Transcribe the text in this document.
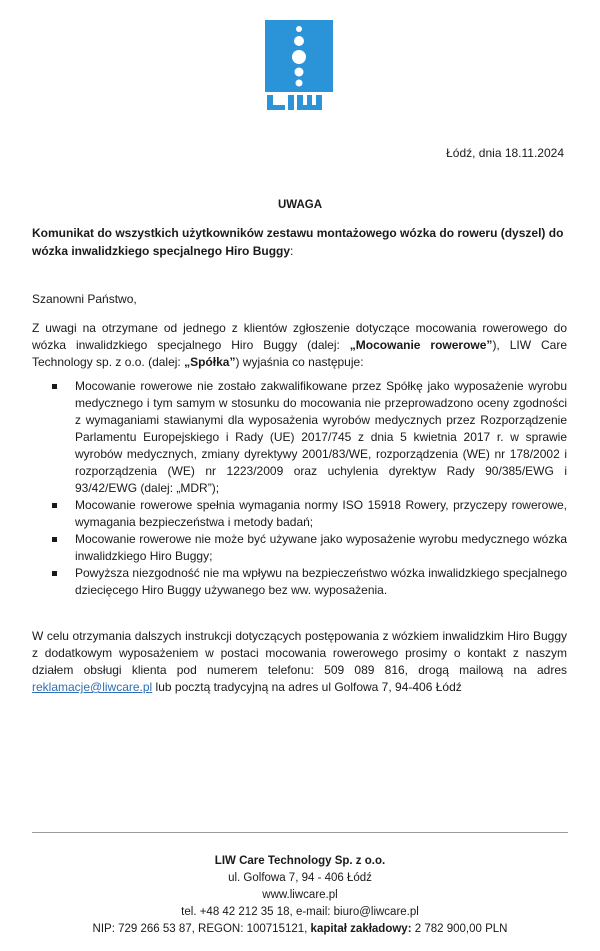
Łódź, dnia 18.11.2024
UWAGA
Komunikat do wszystkich użytkowników zestawu montażowego wózka do roweru (dyszel) do wózka inwalidzkiego specjalnego Hiro Buggy:
Szanowni Państwo,
Z uwagi na otrzymane od jednego z klientów zgłoszenie dotyczące mocowania rowerowego do wózka inwalidzkiego specjalnego Hiro Buggy (dalej: „Mocowanie rowerowe”), LIW Care Technology sp. z o.o. (dalej: „Spółka”) wyjaśnia co następuje:
Mocowanie rowerowe nie zostało zakwalifikowane przez Spółkę jako wyposażenie wyrobu medycznego i tym samym w stosunku do mocowania nie przeprowadzono oceny zgodności z wymaganiami stawianymi dla wyposażenia wyrobów medycznych przez Rozporządzenie Parlamentu Europejskiego i Rady (UE) 2017/745 z dnia 5 kwietnia 2017 r. w sprawie wyrobów medycznych, zmiany dyrektywy 2001/83/WE, rozporządzenia (WE) nr 178/2002 i rozporządzenia (WE) nr 1223/2009 oraz uchylenia dyrektyw Rady 90/385/EWG i 93/42/EWG (dalej: „MDR”);
Mocowanie rowerowe spełnia wymagania normy ISO 15918 Rowery, przyczepy rowerowe, wymagania bezpieczeństwa i metody badań;
Mocowanie rowerowe nie może być używane jako wyposażenie wyrobu medycznego wózka inwalidzkiego Hiro Buggy;
Powyższa niezgodność nie ma wpływu na bezpieczeństwo wózka inwalidzkiego specjalnego dziecięcego Hiro Buggy używanego bez ww. wyposażenia.
W celu otrzymania dalszych instrukcji dotyczących postępowania z wózkiem inwalidzkim Hiro Buggy z dodatkowym wyposażeniem w postaci mocowania rowerowego prosimy o kontakt z naszym działem obsługi klienta pod numerem telefonu: 509 089 816, drogą mailową na adres reklamacje@liwcare.pl lub pocztą tradycyjną na adres ul Golfowa 7, 94-406 Łódź
LIW Care Technology Sp. z o.o.
ul. Golfowa 7, 94 - 406 Łódź
www.liwcare.pl
tel. +48 42 212 35 18, e-mail: biuro@liwcare.pl
NIP: 729 266 53 87, REGON: 100715121, kapitał zakładowy: 2 782 900,00 PLN
